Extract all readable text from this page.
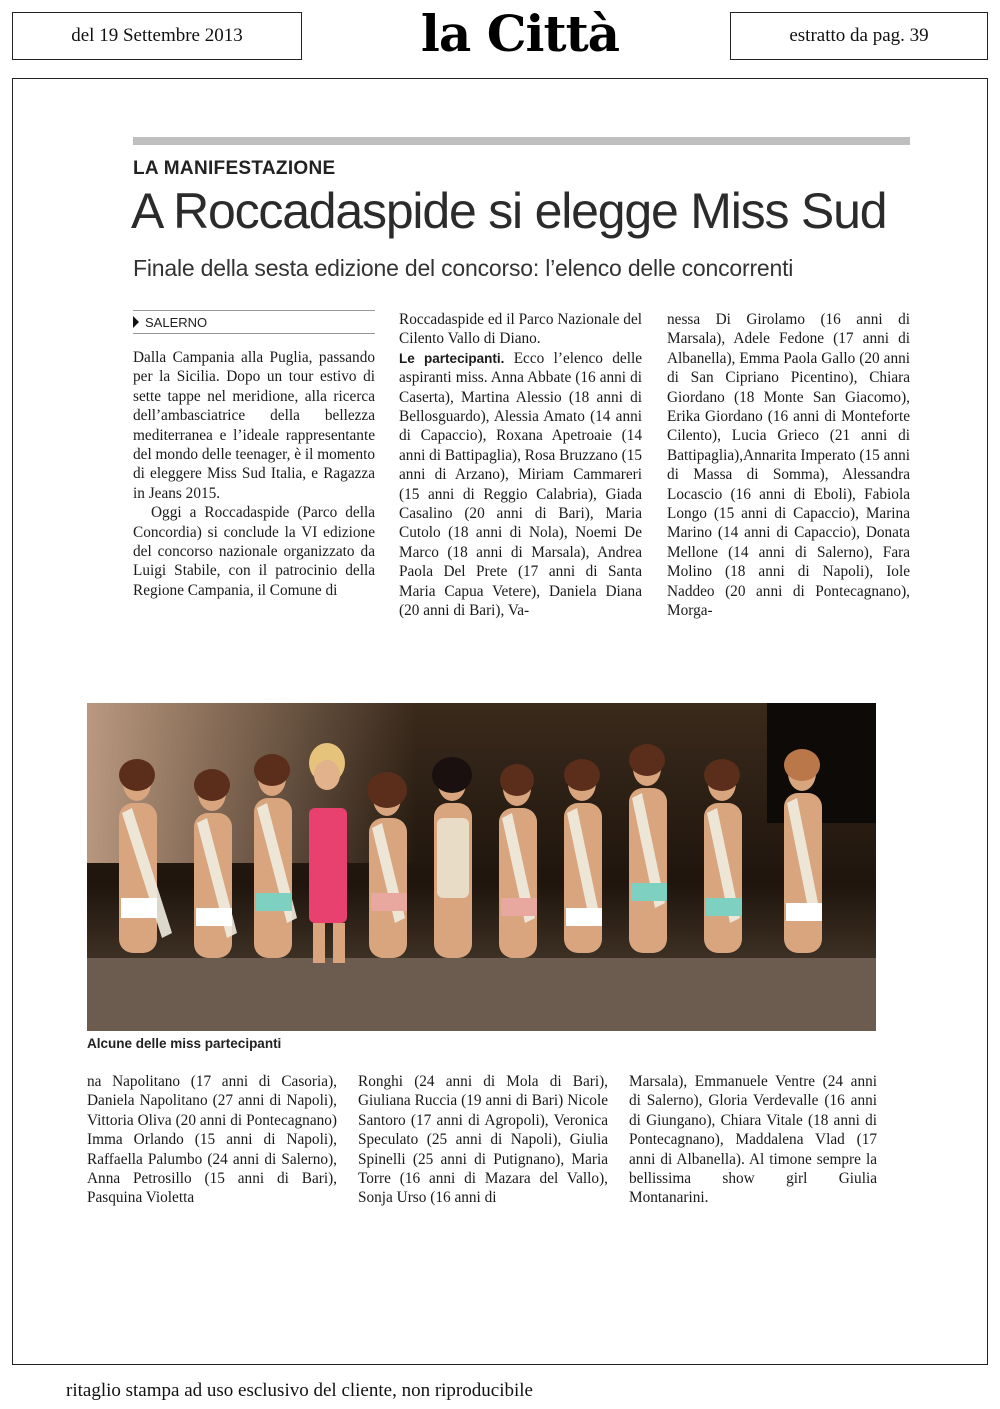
del 19 Settembre 2013	la Città	estratto da pag. 39
LA MANIFESTAZIONE
A Roccadaspide si elegge Miss Sud
Finale della sesta edizione del concorso: l’elenco delle concorrenti
SALERNO

Dalla Campania alla Puglia, passando per la Sicilia. Dopo un tour estivo di sette tappe nel meridione, alla ricerca dell’ambasciatrice della bellezza mediterranea e l’ideale rappresentante del mondo delle teenager, è il momento di eleggere Miss Sud Italia, e Ragazza in Jeans 2015.

Oggi a Roccadaspide (Parco della Concordia) si conclude la VI edizione del concorso nazionale organizzato da Luigi Stabile, con il patrocinio della Regione Campania, il Comune di

Roccadaspide ed il Parco Nazionale del Cilento Vallo di Diano.

Le partecipanti. Ecco l’elenco delle aspiranti miss. Anna Abbate (16 anni di Caserta), Martina Alessio (18 anni di Bellosguardo), Alessia Amato (14 anni di Capaccio), Roxana Apetroaie (14 anni di Battipaglia), Rosa Bruzzano (15 anni di Arzano), Miriam Cammareri (15 anni di Reggio Calabria), Giada Casalino (20 anni di Bari), Maria Cutolo (18 anni di Nola), Noemi De Marco (18 anni di Marsala), Andrea Paola Del Prete (17 anni di Santa Maria Capua Vetere), Daniela Diana (20 anni di Bari), Va-

nessa Di Girolamo (16 anni di Marsala), Adele Fedone (17 anni di Albanella), Emma Paola Gallo (20 anni di San Cipriano Picentino), Chiara Giordano (18 Monte San Giacomo), Erika Giordano (16 anni di Monteforte Cilento), Lucia Grieco (21 anni di Battipaglia),Annarita Imperato (15 anni di Massa di Somma), Alessandra Locascio (16 anni di Eboli), Fabiola Longo (15 anni di Capaccio), Marina Marino (14 anni di Capaccio), Donata Mellone (14 anni di Salerno), Fara Molino (18 anni di Napoli), Iole Naddeo (20 anni di Pontecagnano), Morga-

Alcune delle miss partecipanti

na Napolitano (17 anni di Casoria), Daniela Napolitano (27 anni di Napoli), Vittoria Oliva (20 anni di Pontecagnano) Imma Orlando (15 anni di Napoli), Raffaella Palumbo (24 anni di Salerno), Anna Petrosillo (15 anni di Bari), Pasquina Violetta

Ronghi (24 anni di Mola di Bari), Giuliana Ruccia (19 anni di Bari) Nicole Santoro (17 anni di Agropoli), Veronica Speculato (25 anni di Napoli), Giulia Spinelli (25 anni di Putignano), Maria Torre (16 anni di Mazara del Vallo), Sonja Urso (16 anni di

Marsala), Emmanuele Ventre (24 anni di Salerno), Gloria Verdevalle (16 anni di Giungano), Chiara Vitale (18 anni di Pontecagnano), Maddalena Vlad (17 anni di Albanella). Al timone sempre la bellissima show girl Giulia Montanarini.

ritaglio stampa ad uso esclusivo del cliente, non riproducibile
